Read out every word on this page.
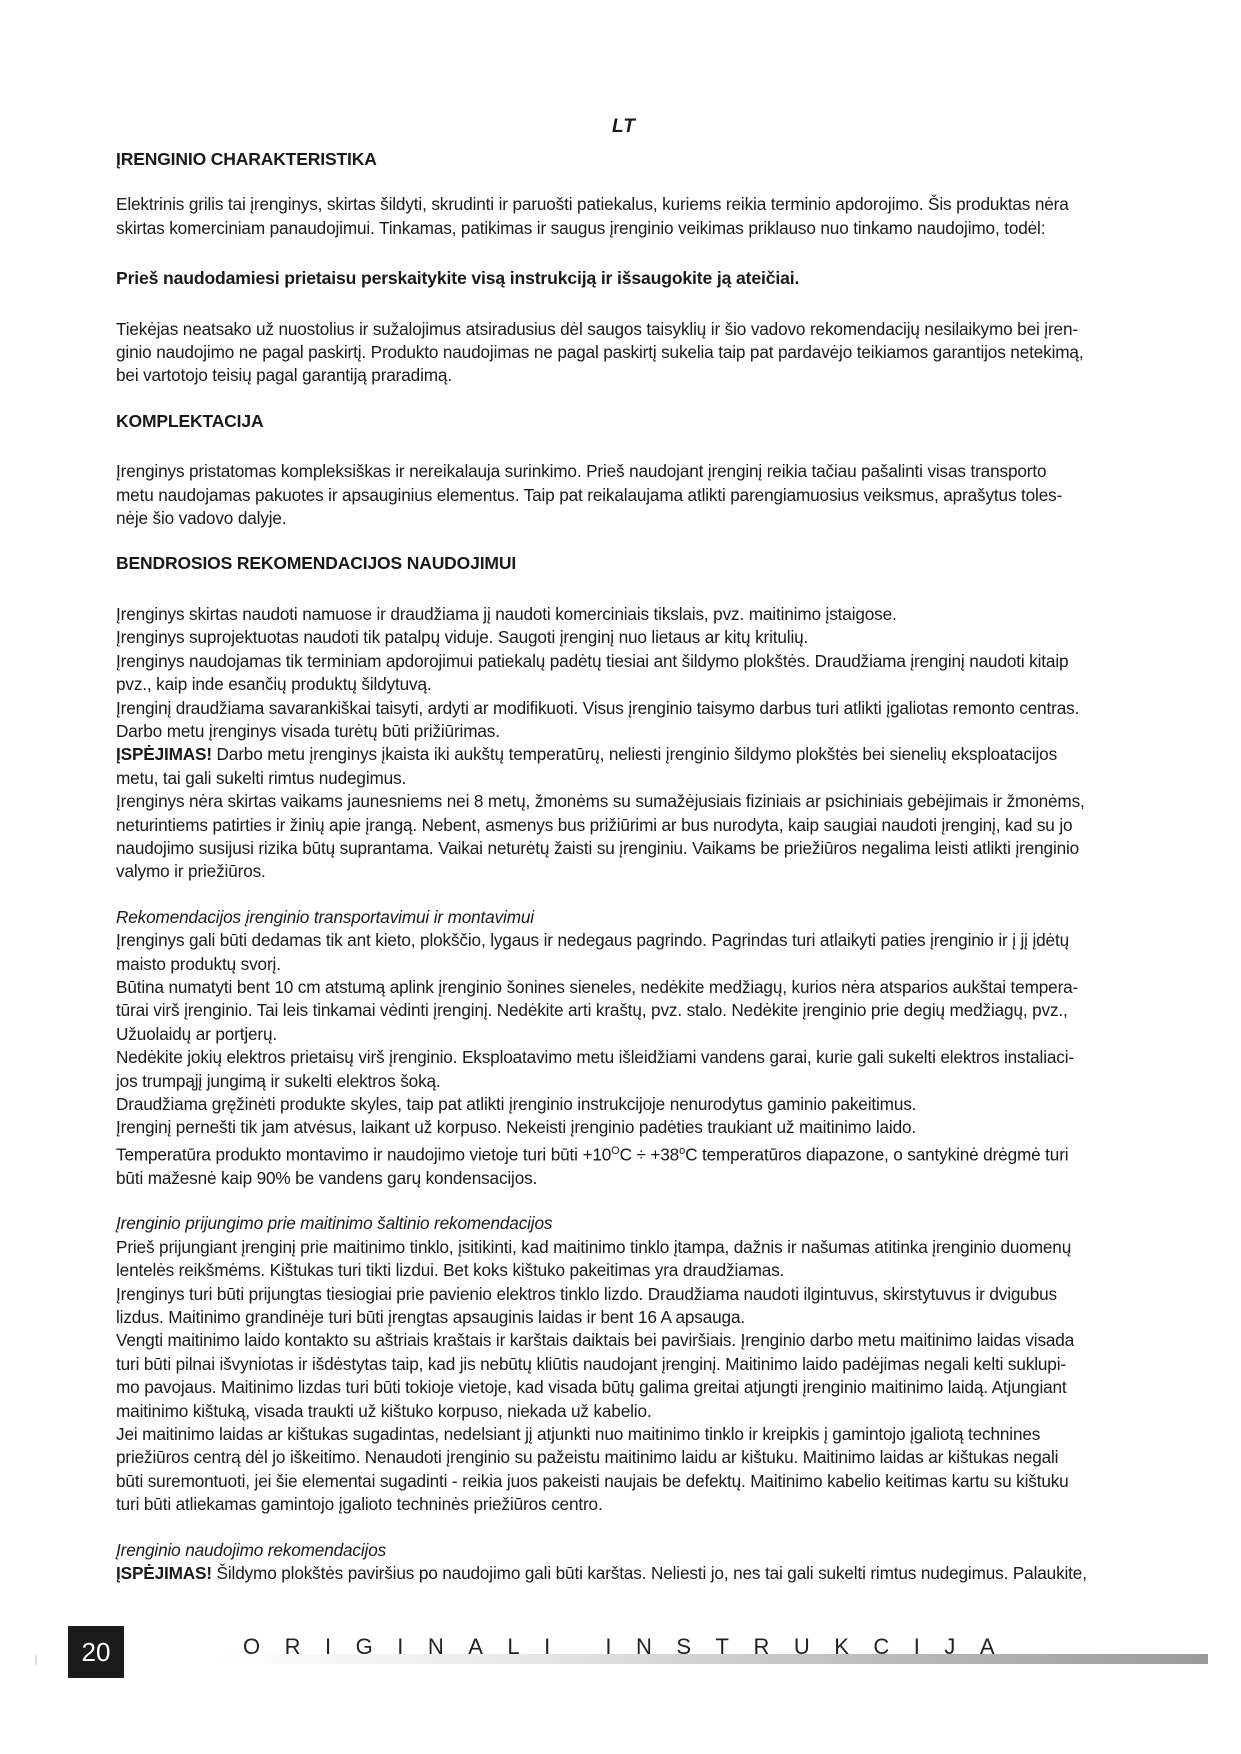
LT

ĮRENGINIO CHARAKTERISTIKA

Elektrinis grilis tai įrenginys, skirtas šildyti, skrudinti ir paruošti patiekalus, kuriems reikia terminio apdorojimo. Šis produktas nėra

skirtas komerciniam panaudojimui. Tinkamas, patikimas ir saugus įrenginio veikimas priklauso nuo tinkamo naudojimo, todėl:

Prieš naudodamiesi prietaisu perskaitykite visą instrukciją ir išsaugokite ją ateičiai.

Tiekėjas neatsako už nuostolius ir sužalojimus atsiradusius dėl saugos taisyklių ir šio vadovo rekomendacijų nesilaikymo bei įren-

ginio naudojimo ne pagal paskirtį. Produkto naudojimas ne pagal paskirtį sukelia taip pat pardavėjo teikiamos garantijos netekimą,

bei vartotojo teisių pagal garantiją praradimą.

KOMPLEKTACIJA

Įrenginys pristatomas kompleksiškas ir nereikalauja surinkimo. Prieš naudojant įrenginį reikia tačiau pašalinti visas transporto

metu naudojamas pakuotes ir apsauginius elementus. Taip pat reikalaujama atlikti parengiamuosius veiksmus, aprašytus toles-

nėje šio vadovo dalyje.

BENDROSIOS REKOMENDACIJOS NAUDOJIMUI

Įrenginys skirtas naudoti namuose ir draudžiama jį naudoti komerciniais tikslais, pvz. maitinimo įstaigose.

Įrenginys suprojektuotas naudoti tik patalpų viduje. Saugoti įrenginį nuo lietaus ar kitų kritulių.

Įrenginys naudojamas tik terminiam apdorojimui patiekalų padėtų tiesiai ant šildymo plokštės. Draudžiama įrenginį naudoti kitaip

pvz., kaip inde esančių produktų šildytuvą.

Įrenginį draudžiama savarankiškai taisyti, ardyti ar modifikuoti. Visus įrenginio taisymo darbus turi atlikti įgaliotas remonto centras.

Darbo metu įrenginys visada turėtų būti prižiūrimas.

ĮSPĖJIMAS! Darbo metu įrenginys įkaista iki aukštų temperatūrų, neliesti įrenginio šildymo plokštės bei sienelių eksploatacijos

metu, tai gali sukelti rimtus nudegimus.

Įrenginys nėra skirtas vaikams jaunesniems nei 8 metų, žmonėms su sumažėjusiais fiziniais ar psichiniais gebėjimais ir žmonėms,

neturintiems patirties ir žinių apie įrangą. Nebent, asmenys bus prižiūrimi ar bus nurodyta, kaip saugiai naudoti įrenginį, kad su jo

naudojimo susijusi rizika būtų suprantama. Vaikai neturėtų žaisti su įrenginiu. Vaikams be priežiūros negalima leisti atlikti įrenginio

valymo ir priežiūros.

Rekomendacijos įrenginio transportavimui ir montavimui

Įrenginys gali būti dedamas tik ant kieto, plokščio, lygaus ir nedegaus pagrindo. Pagrindas turi atlaikyti paties įrenginio ir į jį įdėtų

maisto produktų svorį.

Būtina numatyti bent 10 cm atstumą aplink įrenginio šonines sieneles, nedėkite medžiagų, kurios nėra atsparios aukštai tempera-

tūrai virš įrenginio. Tai leis tinkamai vėdinti įrenginį. Nedėkite arti kraštų, pvz. stalo. Nedėkite įrenginio prie degių medžiagų, pvz.,

Užuolaidų ar portjerų.

Nedėkite jokių elektros prietaisų virš įrenginio. Eksploatavimo metu išleidžiami vandens garai, kurie gali sukelti elektros instaliaci-

jos trumpąjį jungimą ir sukelti elektros šoką.

Draudžiama gręžinėti produkte skyles, taip pat atlikti įrenginio instrukcijoje nenurodytus gaminio pakeitimus.

Įrenginį pernešti tik jam atvėsus, laikant už korpuso. Nekeisti įrenginio padėties traukiant už maitinimo laido.

Temperatūra produkto montavimo ir naudojimo vietoje turi būti $+10^OC \div +38^oC$ temperatūros diapazone, o santykinė drėgmė turi

būti mažesnė kaip 90% be vandens garų kondensacijos.

Įrenginio prijungimo prie maitinimo šaltinio rekomendacijos

Prieš prijungiant įrenginį prie maitinimo tinklo, įsitikinti, kad maitinimo tinklo įtampa, dažnis ir našumas atitinka įrenginio duomenų

lentelės reikšmėms. Kištukas turi tikti lizdui. Bet koks kištuko pakeitimas yra draudžiamas.

Įrenginys turi būti prijungtas tiesiogiai prie pavienio elektros tinklo lizdo. Draudžiama naudoti ilgintuvus, skirstytuvus ir dvigubus

lizdus. Maitinimo grandinėje turi būti įrengtas apsauginis laidas ir bent 16 A apsauga.

Vengti maitinimo laido kontakto su aštriais kraštais ir karštais daiktais bei paviršiais. Įrenginio darbo metu maitinimo laidas visada

turi būti pilnai išvyniotas ir išdėstytas taip, kad jis nebūtų kliūtis naudojant įrenginį. Maitinimo laido padėjimas negali kelti suklupi-

mo pavojaus. Maitinimo lizdas turi būti tokioje vietoje, kad visada būtų galima greitai atjungti įrenginio maitinimo laidą. Atjungiant

maitinimo kištuką, visada traukti už kištuko korpuso, niekada už kabelio.

Jei maitinimo laidas ar kištukas sugadintas, nedelsiant jį atjunkti nuo maitinimo tinklo ir kreipkis į gamintojo įgaliotą technines

priežiūros centrą dėl jo iškeitimo. Nenaudoti įrenginio su pažeistu maitinimo laidu ar kištuku. Maitinimo laidas ar kištukas negali

būti suremontuoti, jei šie elementai sugadinti - reikia juos pakeisti naujais be defektų. Maitinimo kabelio keitimas kartu su kištuku

turi būti atliekamas gamintojo įgalioto techninės priežiūros centro.

Įrenginio naudojimo rekomendacijos

ĮSPĖJIMAS! Šildymo plokštės paviršius po naudojimo gali būti karštas. Neliesti jo, nes tai gali sukelti rimtus nudegimus. Palaukite,

20	ORIGINALI INSTRUKCIJA
